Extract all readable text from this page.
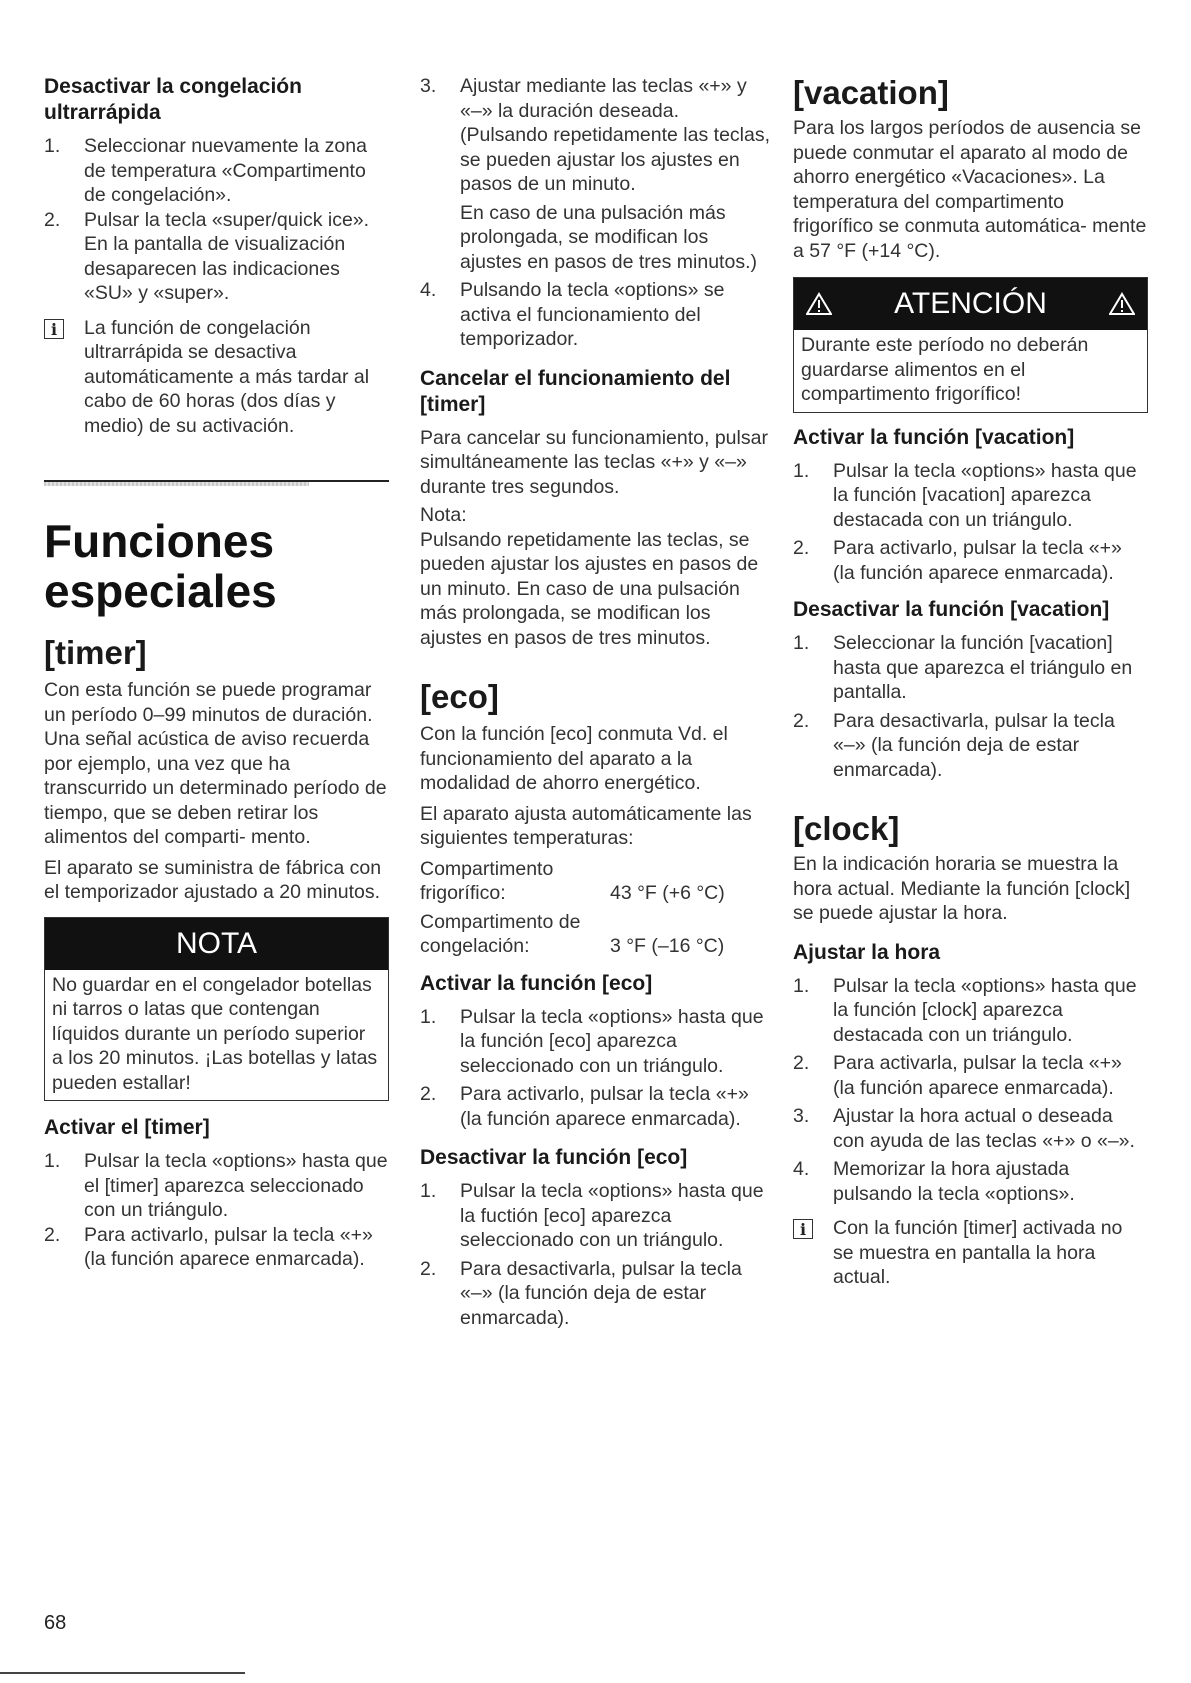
Desactivar la congelación ultrarrápida
1. Seleccionar nuevamente la zona de temperatura «Compartimento de congelación».
2. Pulsar la tecla «super/quick ice». En la pantalla de visualización desaparecen las indicaciones «SU» y «super».
i	La función de congelación ultrarrápida se desactiva automáticamente a más tardar al cabo de 60 horas (dos días y medio) de su activación.

Funciones especiales
[timer]

Con esta función se puede programar un período 0–99 minutos de duración. Una señal acústica de aviso recuerda por ejemplo, una vez que ha transcurrido un determinado período de tiempo, que se deben retirar los alimentos del comparti- mento.

El aparato se suministra de fábrica con el temporizador ajustado a 20 minutos.

NOTA

No guardar en el congelador botellas ni tarros o latas que contengan líquidos durante un período superior a los 20 minutos. ¡Las botellas y latas pueden estallar!

Activar el [timer]
1. Pulsar la tecla «options» hasta que el [timer] aparezca seleccionado con un triángulo.
2. Para activarlo, pulsar la tecla «+» (la función aparece enmarcada).
3. Ajustar mediante las teclas «+» y «–» la duración deseada. (Pulsando repetidamente las teclas, se pueden ajustar los ajustes en pasos de un minuto.

En caso de una pulsación más prolongada, se modifican los ajustes en pasos de tres minutos.)

4. Pulsando la tecla «options» se activa el funcionamiento del temporizador.
Cancelar el funcionamiento del [timer]

Para cancelar su funcionamiento, pulsar simultáneamente las teclas «+» y «–» durante tres segundos.

Nota:

Pulsando repetidamente las teclas, se pueden ajustar los ajustes en pasos de un minuto. En caso de una pulsación más prolongada, se modifican los ajustes en pasos de tres minutos.

[eco]

Con la función [eco] conmuta Vd. el funcionamiento del aparato a la modalidad de ahorro energético.

El aparato ajusta automáticamente las siguientes temperaturas:

Compartimento frigorífico:	43 °F (+6 °C)

Compartimento de congelación:	3 °F (–16 °C)

Activar la función [eco]
1. Pulsar la tecla «options» hasta que la función [eco] aparezca seleccionado con un triángulo.
2. Para activarlo, pulsar la tecla «+» (la función aparece enmarcada).
Desactivar la función [eco]
1. Pulsar la tecla «options» hasta que la fuctión [eco] aparezca seleccionado con un triángulo.
2. Para desactivarla, pulsar la tecla «–» (la función deja de estar enmarcada).
[vacation]

Para los largos períodos de ausencia se puede conmutar el aparato al modo de ahorro energético «Vacaciones». La temperatura del compartimento frigorífico se conmuta automática- mente a 57 °F (+14 °C).

ATENCIÓN

Durante este período no deberán guardarse alimentos en el compartimento frigorífico!

Activar la función [vacation]
1. Pulsar la tecla «options» hasta que la función [vacation] aparezca destacada con un triángulo.
2. Para activarlo, pulsar la tecla «+» (la función aparece enmarcada).
Desactivar la función [vacation]
1. Seleccionar la función [vacation] hasta que aparezca el triángulo en pantalla.
2. Para desactivarla, pulsar la tecla «–» (la función deja de estar enmarcada).
[clock]

En la indicación horaria se muestra la hora actual. Mediante la función [clock] se puede ajustar la hora.

Ajustar la hora
1. Pulsar la tecla «options» hasta que la función [clock] aparezca destacada con un triángulo.
2. Para activarla, pulsar la tecla «+» (la función aparece enmarcada).
3. Ajustar la hora actual o deseada con ayuda de las teclas «+» o «–».
4. Memorizar la hora ajustada pulsando la tecla «options».
i	Con la función [timer] activada no se muestra en pantalla la hora actual.

68
